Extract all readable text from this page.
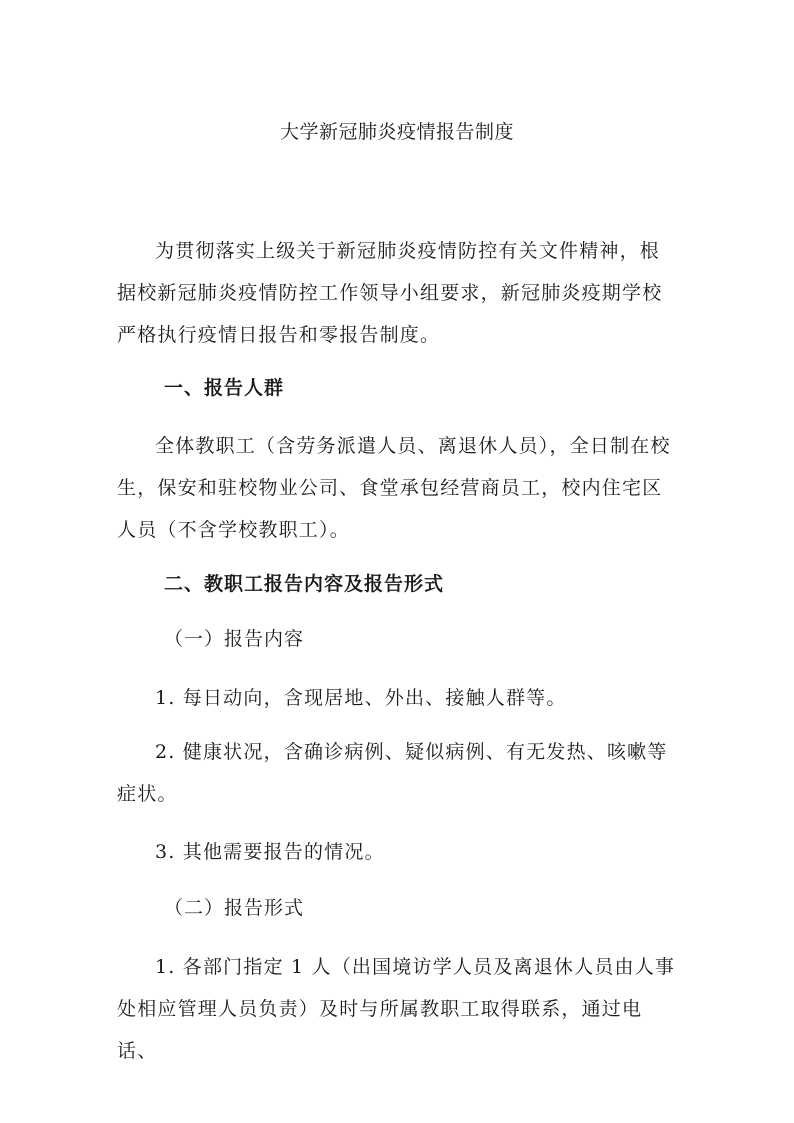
大学新冠肺炎疫情报告制度

为贯彻落实上级关于新冠肺炎疫情防控有关文件精神，根据校新冠肺炎疫情防控工作领导小组要求，新冠肺炎疫期学校严格执行疫情日报告和零报告制度。

一、报告人群

全体教职工（含劳务派遣人员、离退休人员），全日制在校生，保安和驻校物业公司、食堂承包经营商员工，校内住宅区人员（不含学校教职工）。

二、教职工报告内容及报告形式
（一）报告内容

1. 每日动向，含现居地、外出、接触人群等。

2. 健康状况，含确诊病例、疑似病例、有无发热、咳嗽等症状。

3. 其他需要报告的情况。

（二）报告形式

1. 各部门指定 1 人（出国境访学人员及离退休人员由人事处相应管理人员负责）及时与所属教职工取得联系，通过电话、
